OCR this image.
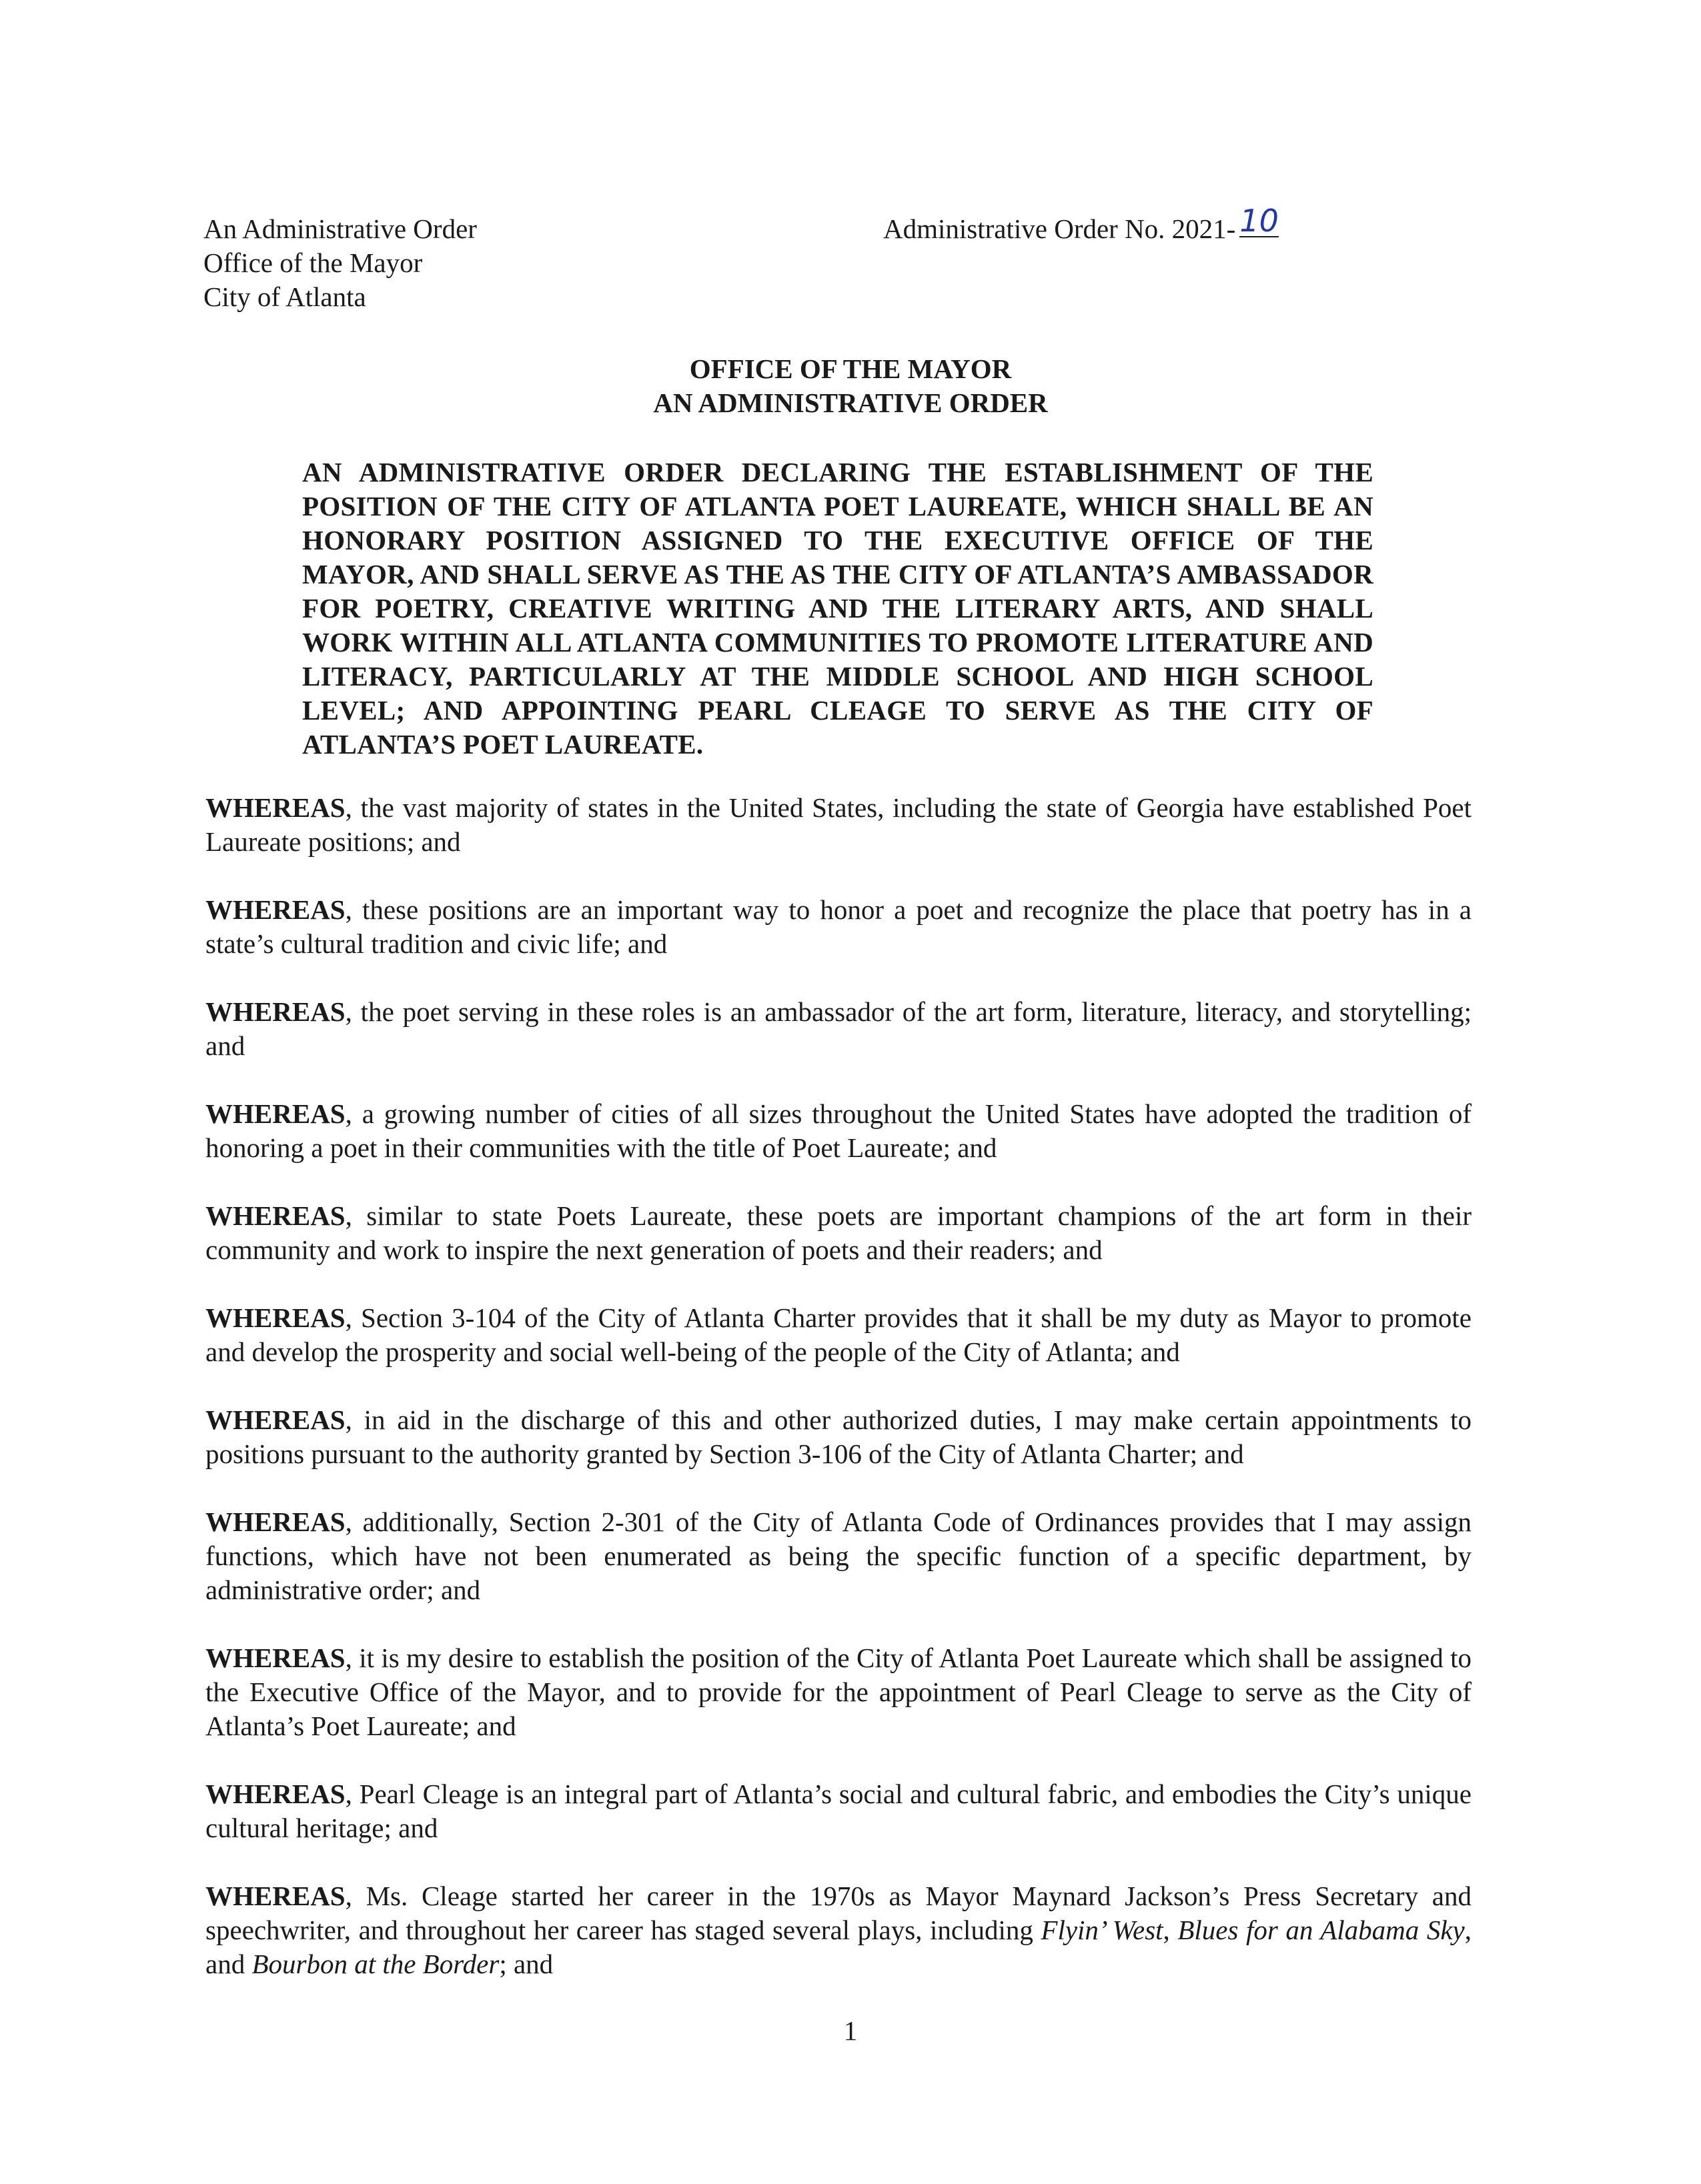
An Administrative Order
Office of the Mayor
City of Atlanta
Administrative Order No. 2021- 10
OFFICE OF THE MAYOR
AN ADMINISTRATIVE ORDER
AN ADMINISTRATIVE ORDER DECLARING THE ESTABLISHMENT OF THE POSITION OF THE CITY OF ATLANTA POET LAUREATE, WHICH SHALL BE AN HONORARY POSITION ASSIGNED TO THE EXECUTIVE OFFICE OF THE MAYOR, AND SHALL SERVE AS THE AS THE CITY OF ATLANTA’S AMBASSADOR FOR POETRY, CREATIVE WRITING AND THE LITERARY ARTS, AND SHALL WORK WITHIN ALL ATLANTA COMMUNITIES TO PROMOTE LITERATURE AND LITERACY, PARTICULARLY AT THE MIDDLE SCHOOL AND HIGH SCHOOL LEVEL; AND APPOINTING PEARL CLEAGE TO SERVE AS THE CITY OF ATLANTA’S POET LAUREATE.

WHEREAS, the vast majority of states in the United States, including the state of Georgia have established Poet Laureate positions; and

WHEREAS, these positions are an important way to honor a poet and recognize the place that poetry has in a state’s cultural tradition and civic life; and

WHEREAS, the poet serving in these roles is an ambassador of the art form, literature, literacy, and storytelling; and

WHEREAS, a growing number of cities of all sizes throughout the United States have adopted the tradition of honoring a poet in their communities with the title of Poet Laureate; and

WHEREAS, similar to state Poets Laureate, these poets are important champions of the art form in their community and work to inspire the next generation of poets and their readers; and

WHEREAS, Section 3-104 of the City of Atlanta Charter provides that it shall be my duty as Mayor to promote and develop the prosperity and social well-being of the people of the City of Atlanta; and

WHEREAS, in aid in the discharge of this and other authorized duties, I may make certain appointments to positions pursuant to the authority granted by Section 3-106 of the City of Atlanta Charter; and

WHEREAS, additionally, Section 2-301 of the City of Atlanta Code of Ordinances provides that I may assign functions, which have not been enumerated as being the specific function of a specific department, by administrative order; and

WHEREAS, it is my desire to establish the position of the City of Atlanta Poet Laureate which shall be assigned to the Executive Office of the Mayor, and to provide for the appointment of Pearl Cleage to serve as the City of Atlanta’s Poet Laureate; and

WHEREAS, Pearl Cleage is an integral part of Atlanta’s social and cultural fabric, and embodies the City’s unique cultural heritage; and

WHEREAS, Ms. Cleage started her career in the 1970s as Mayor Maynard Jackson’s Press Secretary and speechwriter, and throughout her career has staged several plays, including Flyin’ West, Blues for an Alabama Sky, and Bourbon at the Border; and

1
